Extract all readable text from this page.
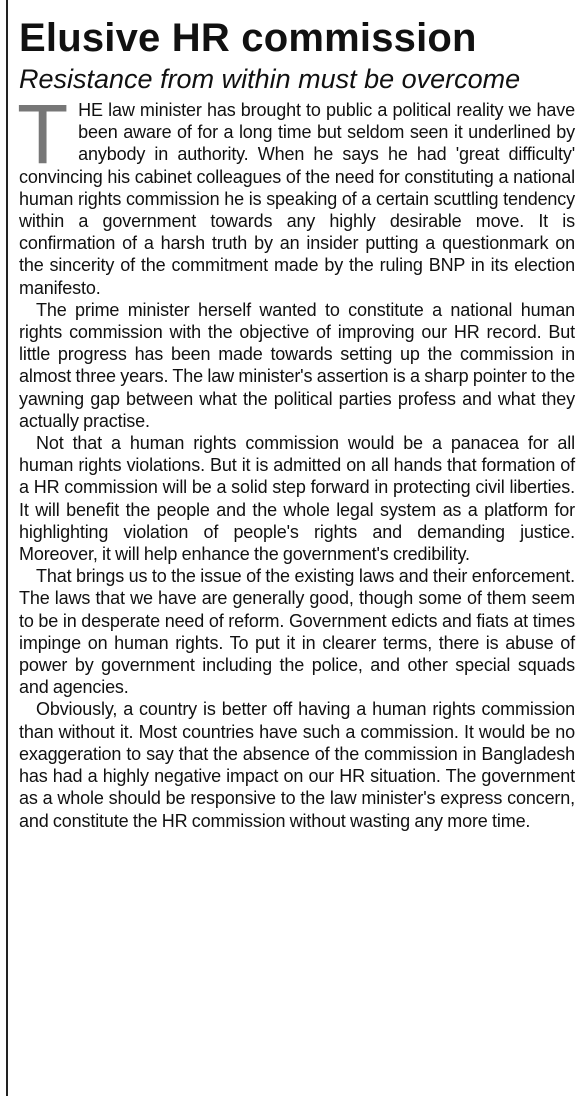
Elusive HR commission
Resistance from within must be overcome

THE law minister has brought to public a political reality we have been aware of for a long time but seldom seen it underlined by anybody in authority. When he says he had 'great difficulty' convincing his cabinet colleagues of the need for constituting a national human rights commission he is speaking of a certain scuttling tendency within a government towards any highly desirable move. It is confirmation of a harsh truth by an insider putting a questionmark on the sincerity of the commitment made by the ruling BNP in its election manifesto.

The prime minister herself wanted to constitute a national human rights commission with the objective of improving our HR record. But little progress has been made towards setting up the commission in almost three years. The law minister's assertion is a sharp pointer to the yawning gap between what the political parties profess and what they actually practise.

Not that a human rights commission would be a panacea for all human rights violations. But it is admitted on all hands that formation of a HR commission will be a solid step forward in protecting civil liberties. It will benefit the people and the whole legal system as a platform for highlighting violation of people's rights and demanding justice. Moreover, it will help enhance the government's credibility.

That brings us to the issue of the existing laws and their enforcement. The laws that we have are generally good, though some of them seem to be in desperate need of reform. Government edicts and fiats at times impinge on human rights. To put it in clearer terms, there is abuse of power by government including the police, and other special squads and agencies.

Obviously, a country is better off having a human rights commission than without it. Most countries have such a commission. It would be no exaggeration to say that the absence of the commission in Bangladesh has had a highly negative impact on our HR situation. The government as a whole should be responsive to the law minister's express concern, and constitute the HR commission without wasting any more time.
